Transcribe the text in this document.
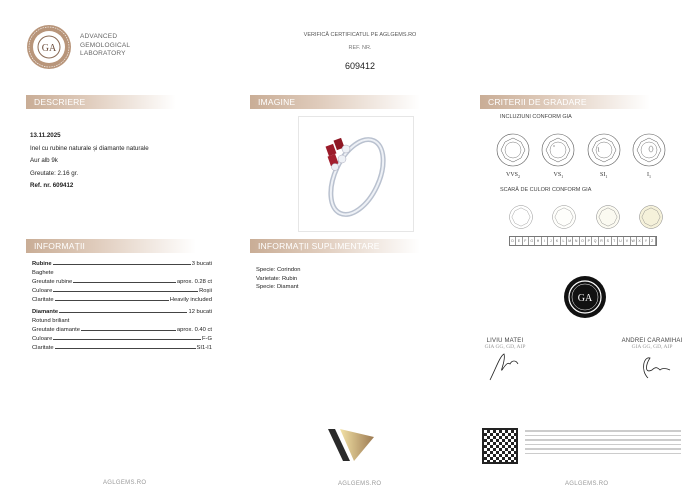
GA
ADVANCED
GEMOLOGICAL
LABORATORY
VERIFICĂ CERTIFICATUL PE AGLGEMS.RO
REF. NR.
609412
DESCRIERE
13.11.2025
Inel cu rubine naturale și diamante naturale
Aur alb 9k
Greutate: 2.16 gr.
Ref. nr. 609412
IMAGINE	CRITERII DE GRADARE
INCLUZIUNI CONFORM GIA
$VVS_2$	$VS_1$	$SI_1$	$I_1$
SCARĂ DE CULORI CONFORM GIA
D	E	F	G	H	I	J	K	L	M	N	O	P	Q	R	S	T	U	V	W	X	Y	Z
INFORMAȚII
Rubine	3 bucati
Baghete
Greutate rubine	aprox. 0.28 ct
Culoare	Roșii
Claritate	Heavily included
Diamante	12 bucati
Rotund briliant
Greutate diamante	aprox. 0.40 ct
Culoare	F-G
Claritate	SI1-I1
INFORMAȚII SUPLIMENTARE
Specie: Corindon
Varietate: Rubin
Specie: Diamant
GA
LIVIU MATEI
GIA GG, GD, AIP
ANDREI CARAMIHAI
GIA GG, GD, AIP
AGLGEMS.RO	AGLGEMS.RO	AGLGEMS.RO
